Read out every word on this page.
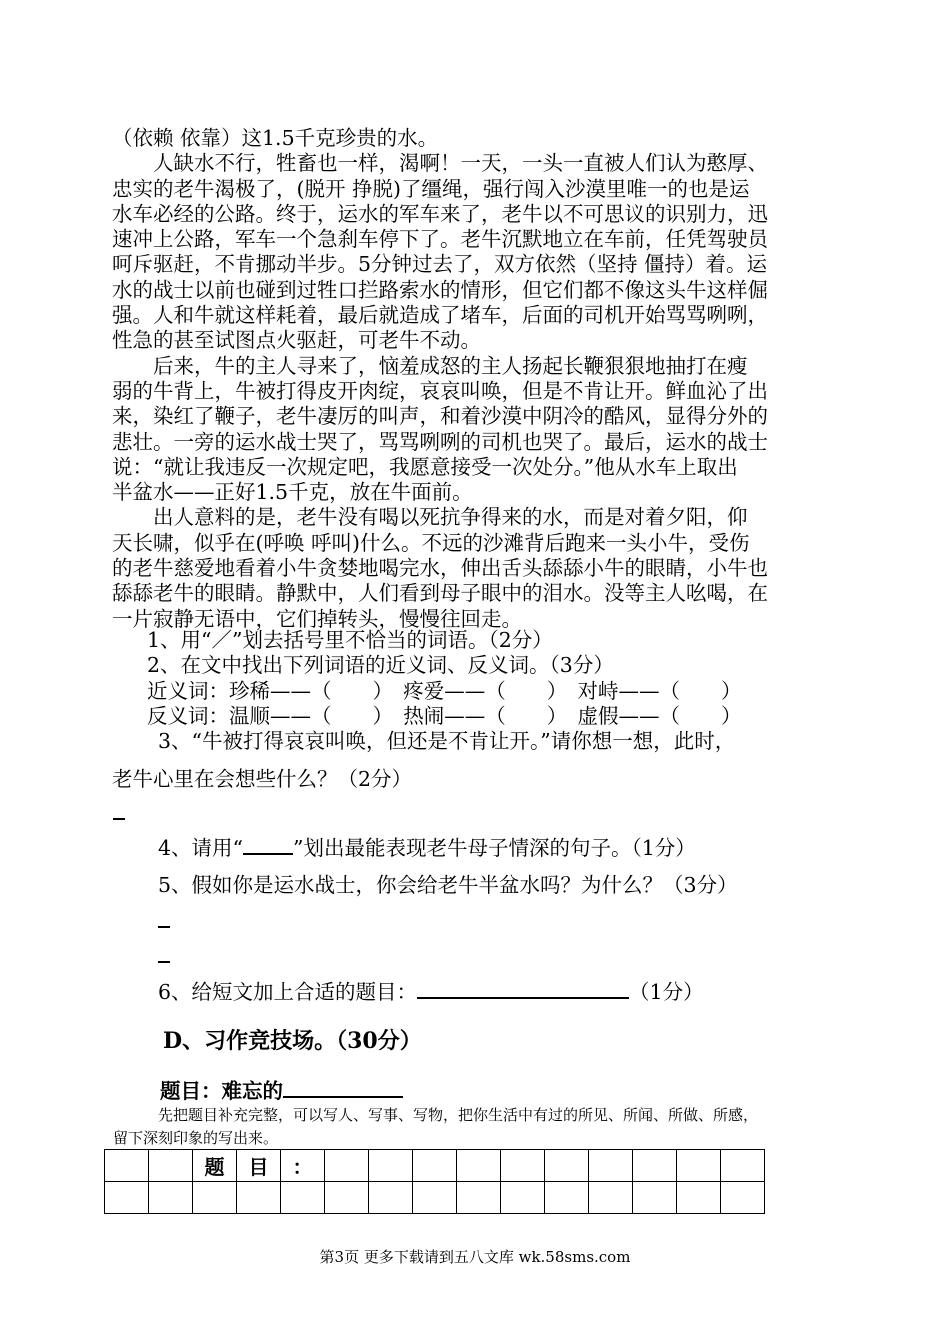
（依赖 依靠）这1.5千克珍贵的水。
　　人缺水不行，牲畜也一样，渴啊！一天，一头一直被人们认为憨厚、
忠实的老牛渴极了，(脱开 挣脱)了缰绳，强行闯入沙漠里唯一的也是运
水车必经的公路。终于，运水的军车来了，老牛以不可思议的识别力，迅
速冲上公路，军车一个急刹车停下了。老牛沉默地立在车前，任凭驾驶员
呵斥驱赶，不肯挪动半步。5分钟过去了，双方依然（坚持 僵持）着。运
水的战士以前也碰到过牲口拦路索水的情形，但它们都不像这头牛这样倔
强。人和牛就这样耗着，最后就造成了堵车，后面的司机开始骂骂咧咧，
性急的甚至试图点火驱赶，可老牛不动。
　　后来，牛的主人寻来了，恼羞成怒的主人扬起长鞭狠狠地抽打在瘦
弱的牛背上，牛被打得皮开肉绽，哀哀叫唤，但是不肯让开。鲜血沁了出
来，染红了鞭子，老牛凄厉的叫声，和着沙漠中阴冷的酷风，显得分外的
悲壮。一旁的运水战士哭了，骂骂咧咧的司机也哭了。最后，运水的战士
说：“就让我违反一次规定吧，我愿意接受一次处分。”他从水车上取出
半盆水——正好1.5千克，放在牛面前。
　　出人意料的是，老牛没有喝以死抗争得来的水，而是对着夕阳，仰
天长啸，似乎在(呼唤 呼叫)什么。不远的沙滩背后跑来一头小牛，受伤
的老牛慈爱地看着小牛贪婪地喝完水，伸出舌头舔舔小牛的眼睛，小牛也
舔舔老牛的眼睛。静默中，人们看到母子眼中的泪水。没等主人吆喝，在
一片寂静无语中，它们掉转头，慢慢往回走。

1、用“／”划去括号里不恰当的词语。（2分）

2、在文中找出下列词语的近义词、反义词。（3分）

近义词：珍稀——（　　）　疼爱——（　　）　对峙——（　　）

反义词：温顺——（　　）　热闹——（　　）　虚假——（　　）

3、“牛被打得哀哀叫唤，但还是不肯让开。”请你想一想，此时，

老牛心里在会想些什么？（2分）

4、请用“ ”划出最能表现老牛母子情深的句子。（1分）

5、假如你是运水战士，你会给老牛半盆水吗？为什么？（3分）

6、给短文加上合适的题目：	（1分）

D、习作竞技场。（30分）

题目：难忘的

先把题目补充完整，可以写人、写事、写物，把你生活中有过的所见、所闻、所做、所感，

留下深刻印象的写出来。

		题	目	：										

第3页 更多下载请到五八文库 wk.58sms.com
